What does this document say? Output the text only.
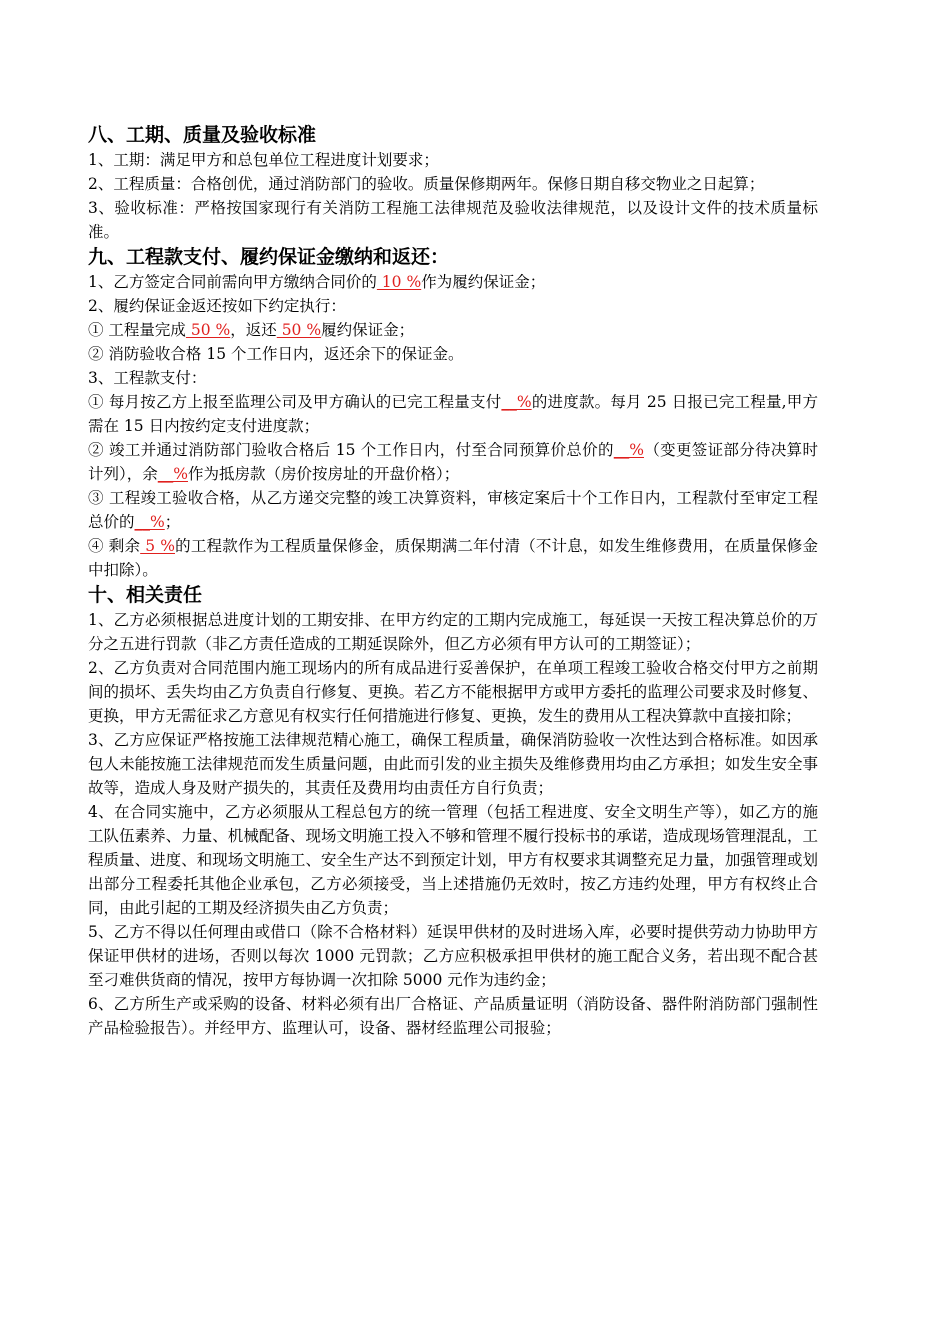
八、工期、质量及验收标准

1、工期：满足甲方和总包单位工程进度计划要求；

2、工程质量：合格创优，通过消防部门的验收。质量保修期两年。保修日期自移交物业之日起算；

3、验收标准：严格按国家现行有关消防工程施工法律规范及验收法律规范，以及设计文件的技术质量标准。

九、工程款支付、履约保证金缴纳和返还：

1、乙方签定合同前需向甲方缴纳合同价的 10 %作为履约保证金；

2、履约保证金返还按如下约定执行：

① 工程量完成 50 %，返还 50 %履约保证金；

② 消防验收合格 15 个工作日内，返还余下的保证金。

3、工程款支付：

① 每月按乙方上报至监理公司及甲方确认的已完工程量支付__%的进度款。每月 25 日报已完工程量,甲方需在 15 日内按约定支付进度款；

② 竣工并通过消防部门验收合格后 15 个工作日内，付至合同预算价总价的__%（变更签证部分待决算时计列），余__%作为抵房款（房价按房址的开盘价格）；

③ 工程竣工验收合格，从乙方递交完整的竣工决算资料，审核定案后十个工作日内，工程款付至审定工程总价的__%；

④ 剩余 5 %的工程款作为工程质量保修金，质保期满二年付清（不计息，如发生维修费用，在质量保修金中扣除）。

十、相关责任

1、乙方必须根据总进度计划的工期安排、在甲方约定的工期内完成施工，每延误一天按工程决算总价的万分之五进行罚款（非乙方责任造成的工期延误除外，但乙方必须有甲方认可的工期签证）；

2、乙方负责对合同范围内施工现场内的所有成品进行妥善保护，在单项工程竣工验收合格交付甲方之前期间的损坏、丢失均由乙方负责自行修复、更换。若乙方不能根据甲方或甲方委托的监理公司要求及时修复、更换，甲方无需征求乙方意见有权实行任何措施进行修复、更换，发生的费用从工程决算款中直接扣除；

3、乙方应保证严格按施工法律规范精心施工，确保工程质量，确保消防验收一次性达到合格标准。如因承包人未能按施工法律规范而发生质量问题，由此而引发的业主损失及维修费用均由乙方承担；如发生安全事故等，造成人身及财产损失的，其责任及费用均由责任方自行负责；

4、在合同实施中，乙方必须服从工程总包方的统一管理（包括工程进度、安全文明生产等），如乙方的施工队伍素养、力量、机械配备、现场文明施工投入不够和管理不履行投标书的承诺，造成现场管理混乱，工程质量、进度、和现场文明施工、安全生产达不到预定计划，甲方有权要求其调整充足力量，加强管理或划出部分工程委托其他企业承包，乙方必须接受，当上述措施仍无效时，按乙方违约处理，甲方有权终止合同，由此引起的工期及经济损失由乙方负责；

5、乙方不得以任何理由或借口（除不合格材料）延误甲供材的及时进场入库，必要时提供劳动力协助甲方保证甲供材的进场，否则以每次 1000 元罚款；乙方应积极承担甲供材的施工配合义务，若出现不配合甚至刁难供货商的情况，按甲方每协调一次扣除 5000 元作为违约金；

6、乙方所生产或采购的设备、材料必须有出厂合格证、产品质量证明（消防设备、器件附消防部门强制性产品检验报告）。并经甲方、监理认可，设备、器材经监理公司报验；
